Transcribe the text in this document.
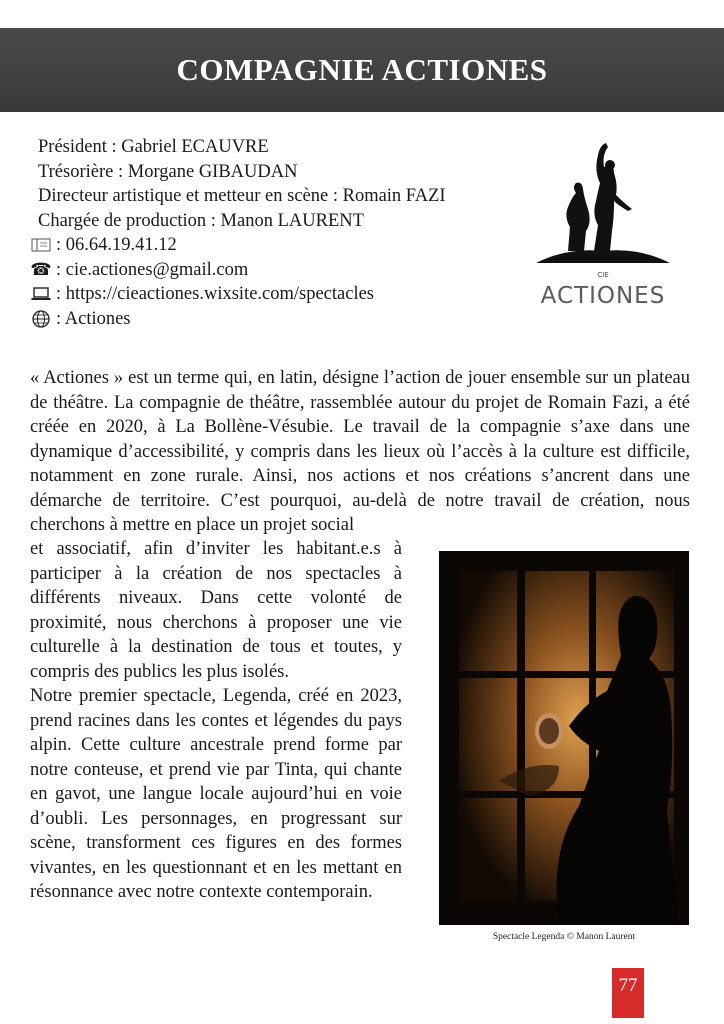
COMPAGNIE ACTIONES
Président : Gabriel ECAUVRE
Trésorière : Morgane GIBAUDAN
Directeur artistique et metteur en scène : Romain FAZI
Chargée de production : Manon LAURENT
: 06.64.19.41.12
☎ : cie.actiones@gmail.com
: https://cieactiones.wixsite.com/spectacles
: Actiones
CIE
ACTIONES

« Actiones » est un terme qui, en latin, désigne l’action de jouer ensemble sur un plateau de théâtre. La compagnie de théâtre, rassemblée autour du projet de Romain Fazi, a été créée en 2020, à La Bollène-Vésubie. Le travail de la compagnie s’axe dans une dynamique d’accessibilité, y compris dans les lieux où l’accès à la culture est difficile, notamment en zone rurale. Ainsi, nos actions et nos créations s’ancrent dans une démarche de territoire. C’est pourquoi, au-delà de notre travail de création, nous cherchons à mettre en place un projet social

et associatif, afin d’inviter les habitant.e.s à participer à la création de nos spectacles à différents niveaux. Dans cette volonté de proximité, nous cherchons à proposer une vie culturelle à la destination de tous et toutes, y compris des publics les plus isolés.

Notre premier spectacle, Legenda, créé en 2023, prend racines dans les contes et légendes du pays alpin. Cette culture ancestrale prend forme par notre conteuse, et prend vie par Tinta, qui chante en gavot, une langue locale aujourd’hui en voie d’oubli. Les personnages, en progressant sur scène, transforment ces figures en des formes vivantes, en les questionnant et en les mettant en résonnance avec notre contexte contemporain.

Spectacle Legenda © Manon Laurent
77
